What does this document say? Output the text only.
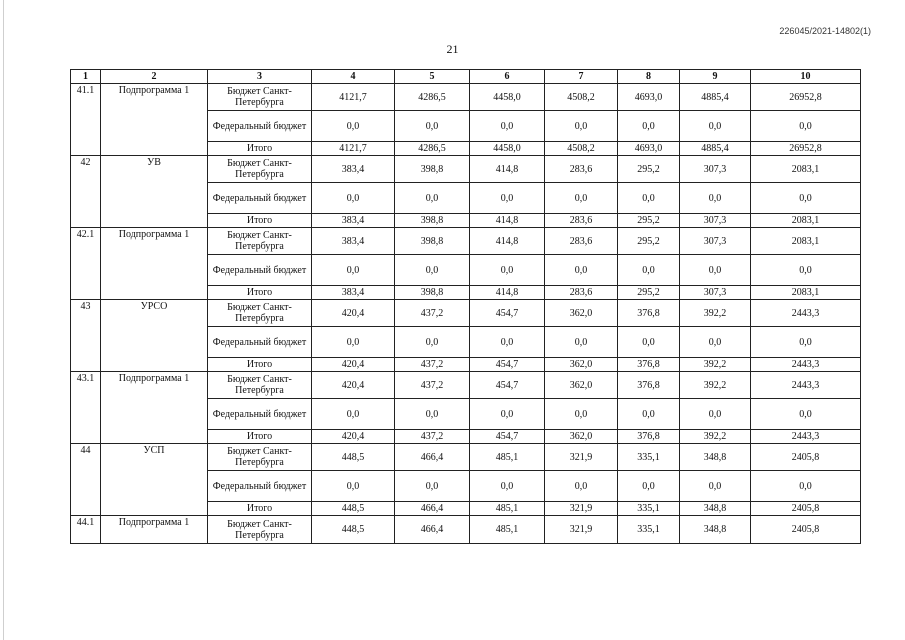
226045/2021-14802(1)
21
1	2	3	4	5	6	7	8	9	10
41.1	Подпрограмма 1	Бюджет Санкт-Петербурга	4121,7	4286,5	4458,0	4508,2	4693,0	4885,4	26952,8
		Федеральный бюджет	0,0	0,0	0,0	0,0	0,0	0,0	0,0
		Итого	4121,7	4286,5	4458,0	4508,2	4693,0	4885,4	26952,8
42	УВ	Бюджет Санкт-Петербурга	383,4	398,8	414,8	283,6	295,2	307,3	2083,1
		Федеральный бюджет	0,0	0,0	0,0	0,0	0,0	0,0	0,0
		Итого	383,4	398,8	414,8	283,6	295,2	307,3	2083,1
42.1	Подпрограмма 1	Бюджет Санкт-Петербурга	383,4	398,8	414,8	283,6	295,2	307,3	2083,1
		Федеральный бюджет	0,0	0,0	0,0	0,0	0,0	0,0	0,0
		Итого	383,4	398,8	414,8	283,6	295,2	307,3	2083,1
43	УРСО	Бюджет Санкт-Петербурга	420,4	437,2	454,7	362,0	376,8	392,2	2443,3
		Федеральный бюджет	0,0	0,0	0,0	0,0	0,0	0,0	0,0
		Итого	420,4	437,2	454,7	362,0	376,8	392,2	2443,3
43.1	Подпрограмма 1	Бюджет Санкт-Петербурга	420,4	437,2	454,7	362,0	376,8	392,2	2443,3
		Федеральный бюджет	0,0	0,0	0,0	0,0	0,0	0,0	0,0
		Итого	420,4	437,2	454,7	362,0	376,8	392,2	2443,3
44	УСП	Бюджет Санкт-Петербурга	448,5	466,4	485,1	321,9	335,1	348,8	2405,8
		Федеральный бюджет	0,0	0,0	0,0	0,0	0,0	0,0	0,0
		Итого	448,5	466,4	485,1	321,9	335,1	348,8	2405,8
44.1	Подпрограмма 1	Бюджет Санкт-Петербурга	448,5	466,4	485,1	321,9	335,1	348,8	2405,8
